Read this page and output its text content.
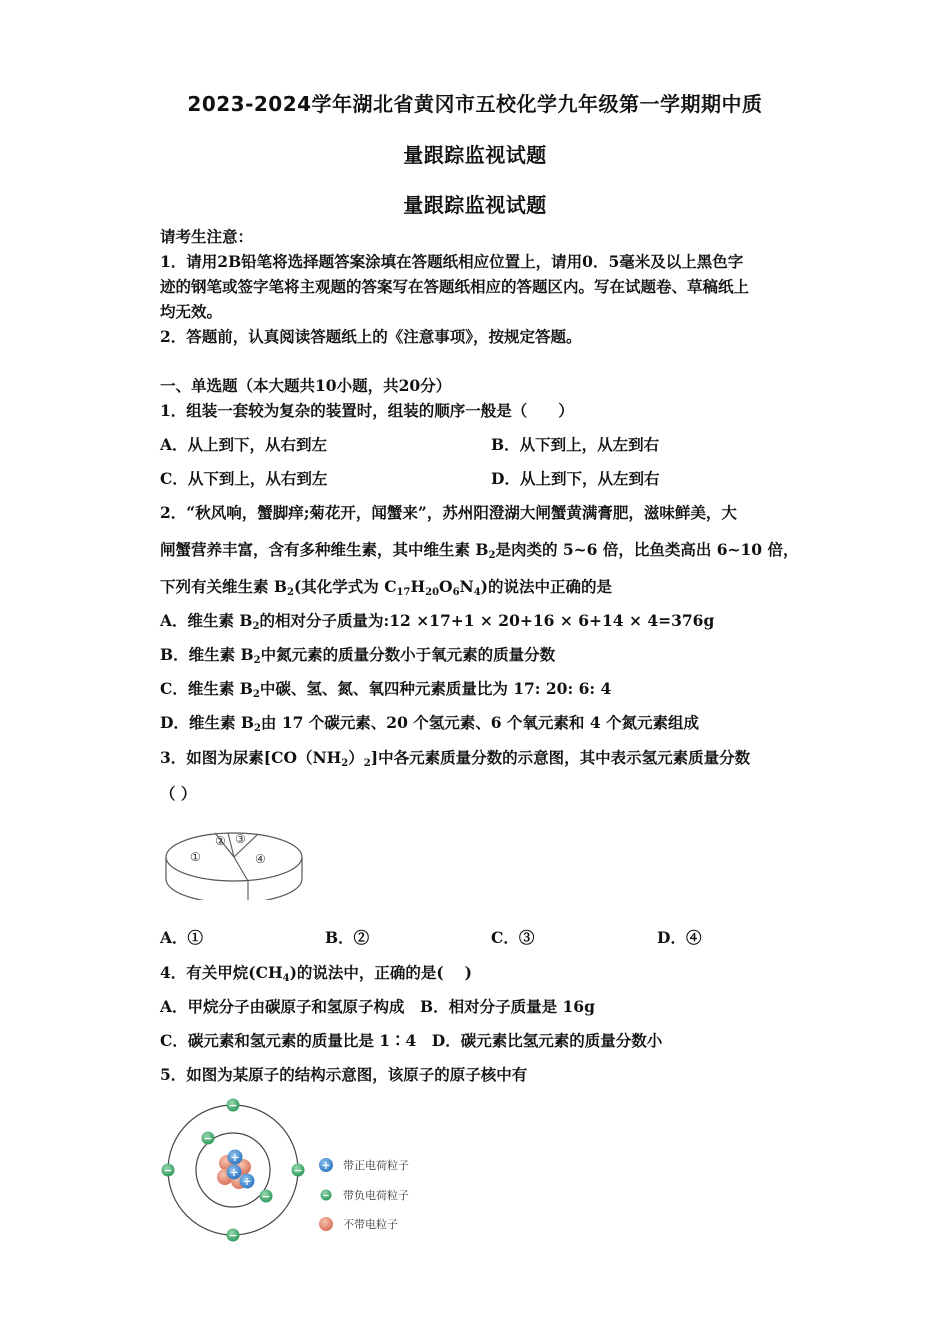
2023-2024学年湖北省黄冈市五校化学九年级第一学期期中质
量跟踪监视试题
量跟踪监视试题
请考生注意：
1．请用2B铅笔将选择题答案涂填在答题纸相应位置上，请用0．5毫米及以上黑色字
迹的钢笔或签字笔将主观题的答案写在答题纸相应的答题区内。写在试题卷、草稿纸上
均无效。
2．答题前，认真阅读答题纸上的《注意事项》，按规定答题。
一、单选题（本大题共10小题，共20分）
1．组装一套较为复杂的装置时，组装的顺序一般是（　　）
A．从上到下，从右到左	B．从下到上，从左到右
C．从下到上，从右到左	D．从上到下，从左到右
2．“秋风响，蟹脚痒;菊花开，闻蟹来”，苏州阳澄湖大闸蟹黄满膏肥，滋味鲜美，大
闸蟹营养丰富，含有多种维生素，其中维生素 $B_2$是肉类的 5~6 倍，比鱼类高出 6~10 倍，
下列有关维生素 $B_2$(其化学式为 $C_{17}H_{20}O_6N_4$)的说法中正确的是
A．维生素 $B_2$的相对分子质量为:12 ×17+1 × 20+16 × 6+14 × 4=376g
B．维生素 $B_2$中氮元素的质量分数小于氧元素的质量分数
C．维生素 $B_2$中碳、氢、氮、氧四种元素质量比为 17: 20: 6: 4
D．维生素 $B_2$由 17 个碳元素、20 个氢元素、6 个氧元素和 4 个氮元素组成
3．如图为尿素$[CO(NH_2)_2]$中各元素质量分数的示意图，其中表示氢元素质量分数
（ ）
①
② ③
④
A．①	B．②	C．③	D．④
4．有关甲烷$(CH_4)$的说法中，正确的是(　 )
A．甲烷分子由碳原子和氢原子构成　B．相对分子质量是 16g
C．碳元素和氢元素的质量比是 1∶4　D．碳元素比氢元素的质量分数小
5．如图为某原子的结构示意图，该原子的原子核中有
+
+
+
−
−	−
−
−
−
+ 带正电荷粒子
− 带负电荷粒子
不带电粒子
